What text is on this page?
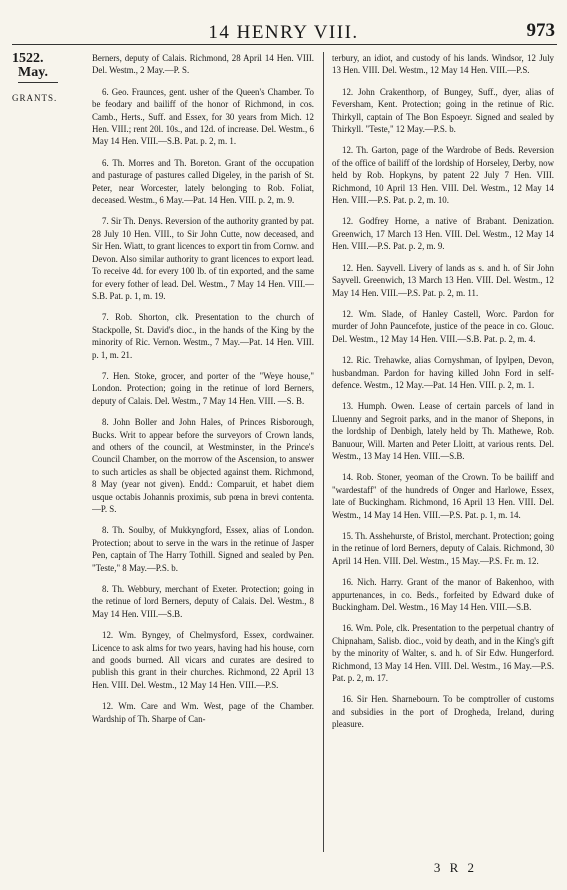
14 HENRY VIII.	973
1522.
May.
GRANTS.

Berners, deputy of Calais. Richmond, 28 April 14 Hen. VIII. Del. Westm., 2 May.—P. S.

6. Geo. Fraunces, gent. usher of the Queen's Chamber. To be feodary and bailiff of the honor of Richmond, in cos. Camb., Herts., Suff. and Essex, for 30 years from Mich. 12 Hen. VIII.; rent 20l. 10s., and 12d. of increase. Del. Westm., 6 May 14 Hen. VIII.—S.B. Pat. p. 2, m. 1.

6. Th. Morres and Th. Boreton. Grant of the occupation and pasturage of pastures called Digeley, in the parish of St. Peter, near Worcester, lately belonging to Rob. Foliat, deceased. Westm., 6 May.—Pat. 14 Hen. VIII. p. 2, m. 9.

7. Sir Th. Denys. Reversion of the authority granted by pat. 28 July 10 Hen. VIII., to Sir John Cutte, now deceased, and Sir Hen. Wiatt, to grant licences to export tin from Cornw. and Devon. Also similar authority to grant licences to export lead. To receive 4d. for every 100 lb. of tin exported, and the same for every fother of lead. Del. Westm., 7 May 14 Hen. VIII.—S.B. Pat. p. 1, m. 19.

7. Rob. Shorton, clk. Presentation to the church of Stackpolle, St. David's dioc., in the hands of the King by the minority of Ric. Vernon. Westm., 7 May.—Pat. 14 Hen. VIII. p. 1, m. 21.

7. Hen. Stoke, grocer, and porter of the "Weye house," London. Protection; going in the retinue of lord Berners, deputy of Calais. Del. Westm., 7 May 14 Hen. VIII. —S. B.

8. John Boller and John Hales, of Princes Risborough, Bucks. Writ to appear before the surveyors of Crown lands, and others of the council, at Westminster, in the Prince's Council Chamber, on the morrow of the Ascension, to answer to such articles as shall be objected against them. Richmond, 8 May (year not given). Endd.: Comparuit, et habet diem usque octabis Johannis proximis, sub pœna in brevi contenta.—P. S.

8. Th. Soulby, of Mukkyngford, Essex, alias of London. Protection; about to serve in the wars in the retinue of Jasper Pen, captain of The Harry Tothill. Signed and sealed by Pen. "Teste," 8 May.—P.S. b.

8. Th. Webbury, merchant of Exeter. Protection; going in the retinue of lord Berners, deputy of Calais. Del. Westm., 8 May 14 Hen. VIII.—S.B.

12. Wm. Byngey, of Chelmysford, Essex, cordwainer. Licence to ask alms for two years, having had his house, corn and goods burned. All vicars and curates are desired to publish this grant in their churches. Richmond, 22 April 13 Hen. VIII. Del. Westm., 12 May 14 Hen. VIII.—P.S.

12. Wm. Care and Wm. West, page of the Chamber. Wardship of Th. Sharpe of Can-

terbury, an idiot, and custody of his lands. Windsor, 12 July 13 Hen. VIII. Del. Westm., 12 May 14 Hen. VIII.—P.S.

12. John Crakenthorp, of Bungey, Suff., dyer, alias of Feversham, Kent. Protection; going in the retinue of Ric. Thirkyll, captain of The Bon Espoeyr. Signed and sealed by Thirkyll. "Teste," 12 May.—P.S. b.

12. Th. Garton, page of the Wardrobe of Beds. Reversion of the office of bailiff of the lordship of Horseley, Derby, now held by Rob. Hopkyns, by patent 22 July 7 Hen. VIII. Richmond, 10 April 13 Hen. VIII. Del. Westm., 12 May 14 Hen. VIII.—P.S. Pat. p. 2, m. 10.

12. Godfrey Horne, a native of Brabant. Denization. Greenwich, 17 March 13 Hen. VIII. Del. Westm., 12 May 14 Hen. VIII.—P.S. Pat. p. 2, m. 9.

12. Hen. Sayvell. Livery of lands as s. and h. of Sir John Sayvell. Greenwich, 13 March 13 Hen. VIII. Del. Westm., 12 May 14 Hen. VIII.—P.S. Pat. p. 2, m. 11.

12. Wm. Slade, of Hanley Castell, Worc. Pardon for murder of John Pauncefote, justice of the peace in co. Glouc. Del. Westm., 12 May 14 Hen. VIII.—S.B. Pat. p. 2, m. 4.

12. Ric. Trehawke, alias Cornyshman, of Ipylpen, Devon, husbandman. Pardon for having killed John Ford in self-defence. Westm., 12 May.—Pat. 14 Hen. VIII. p. 2, m. 1.

13. Humph. Owen. Lease of certain parcels of land in Lluenny and Segroit parks, and in the manor of Shepons, in the lordship of Denbigh, lately held by Th. Mathewe, Rob. Banuour, Will. Marten and Peter Lloitt, at various rents. Del. Westm., 13 May 14 Hen. VIII.—S.B.

14. Rob. Stoner, yeoman of the Crown. To be bailiff and "wardestaff" of the hundreds of Onger and Harlowe, Essex, late of Buckingham. Richmond, 16 April 13 Hen. VIII. Del. Westm., 14 May 14 Hen. VIII.—P.S. Pat. p. 1, m. 14.

15. Th. Asshehurste, of Bristol, merchant. Protection; going in the retinue of lord Berners, deputy of Calais. Richmond, 30 April 14 Hen. VIII. Del. Westm., 15 May.—P.S. Fr. m. 12.

16. Nich. Harry. Grant of the manor of Bakenhoo, with appurtenances, in co. Beds., forfeited by Edward duke of Buckingham. Del. Westm., 16 May 14 Hen. VIII.—S.B.

16. Wm. Pole, clk. Presentation to the perpetual chantry of Chipnaham, Salisb. dioc., void by death, and in the King's gift by the minority of Walter, s. and h. of Sir Edw. Hungerford. Richmond, 13 May 14 Hen. VIII. Del. Westm., 16 May.—P.S. Pat. p. 2, m. 17.

16. Sir Hen. Sharnebourn. To be comptroller of customs and subsidies in the port of Drogheda, Ireland, during pleasure.

3 R 2
